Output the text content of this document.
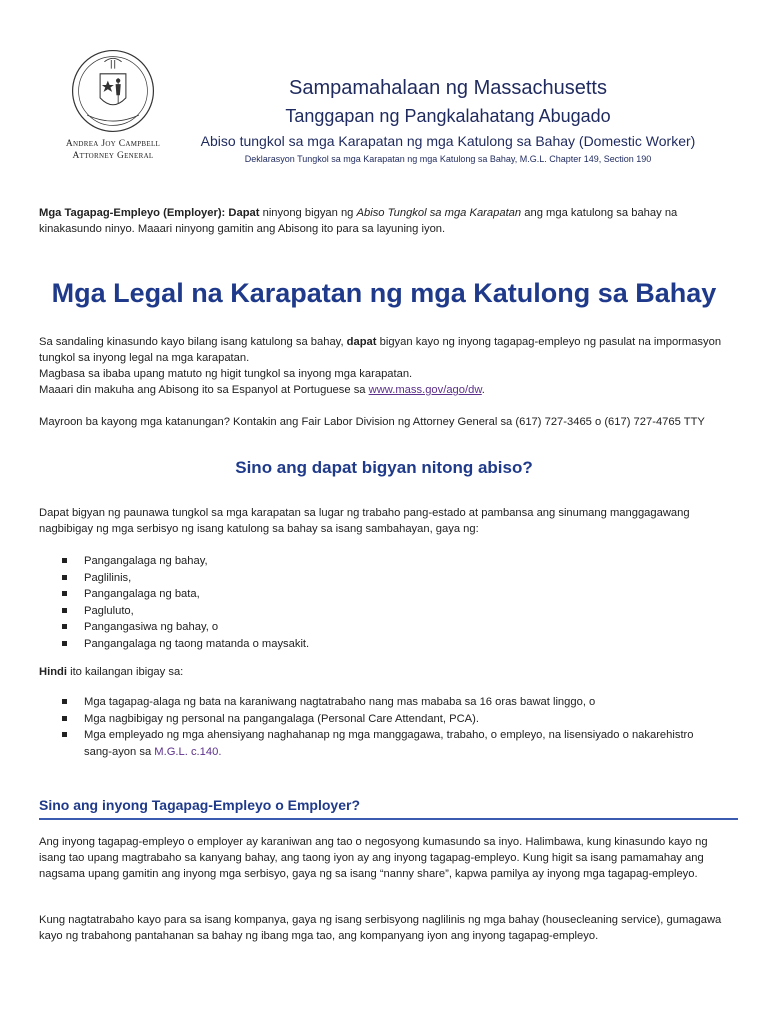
Andrea Joy Campbell
Attorney General
Sampamahalaan ng Massachusetts
Tanggapan ng Pangkalahatang Abugado
Abiso tungkol sa mga Karapatan ng mga Katulong sa Bahay (Domestic Worker)
Deklarasyon Tungkol sa mga Karapatan ng mga Katulong sa Bahay, M.G.L. Chapter 149, Section 190

Mga Tagapag-Empleyo (Employer): Dapat ninyong bigyan ng Abiso Tungkol sa mga Karapatan ang mga katulong sa bahay na kinakasundo ninyo. Maaari ninyong gamitin ang Abisong ito para sa layuning iyon.

Mga Legal na Karapatan ng mga Katulong sa Bahay

Sa sandaling kinasundo kayo bilang isang katulong sa bahay, dapat bigyan kayo ng inyong tagapag-empleyo ng pasulat na impormasyon tungkol sa inyong legal na mga karapatan.
Magbasa sa ibaba upang matuto ng higit tungkol sa inyong mga karapatan.
Maaari din makuha ang Abisong ito sa Espanyol at Portuguese sa www.mass.gov/ago/dw.

Mayroon ba kayong mga katanungan? Kontakin ang Fair Labor Division ng Attorney General sa (617) 727-3465 o (617) 727-4765 TTY

Sino ang dapat bigyan nitong abiso?

Dapat bigyan ng paunawa tungkol sa mga karapatan sa lugar ng trabaho pang-estado at pambansa ang sinumang manggagawang nagbibigay ng mga serbisyo ng isang katulong sa bahay sa isang sambahayan, gaya ng:

Pangangalaga ng bahay,
Paglilinis,
Pangangalaga ng bata,
Pagluluto,
Pangangasiwa ng bahay, o
Pangangalaga ng taong matanda o maysakit.

Hindi ito kailangan ibigay sa:

Mga tagapag-alaga ng bata na karaniwang nagtatrabaho nang mas mababa sa 16 oras bawat linggo, o
Mga nagbibigay ng personal na pangangalaga (Personal Care Attendant, PCA).
Mga empleyado ng mga ahensiyang naghahanap ng mga manggagawa, trabaho, o empleyo, na lisensiyado o nakarehistro sang-ayon sa M.G.L. c.140.
Sino ang inyong Tagapag-Empleyo o Employer?

Ang inyong tagapag-empleyo o employer ay karaniwan ang tao o negosyong kumasundo sa inyo. Halimbawa, kung kinasundo kayo ng isang tao upang magtrabaho sa kanyang bahay, ang taong iyon ay ang inyong tagapag-empleyo. Kung higit sa isang pamamahay ang nagsama upang gamitin ang inyong mga serbisyo, gaya ng sa isang “nanny share”, kapwa pamilya ay inyong mga tagapag-empleyo.

Kung nagtatrabaho kayo para sa isang kompanya, gaya ng isang serbisyong naglilinis ng mga bahay (housecleaning service), gumagawa kayo ng trabahong pantahanan sa bahay ng ibang mga tao, ang kompanyang iyon ang inyong tagapag-empleyo.
